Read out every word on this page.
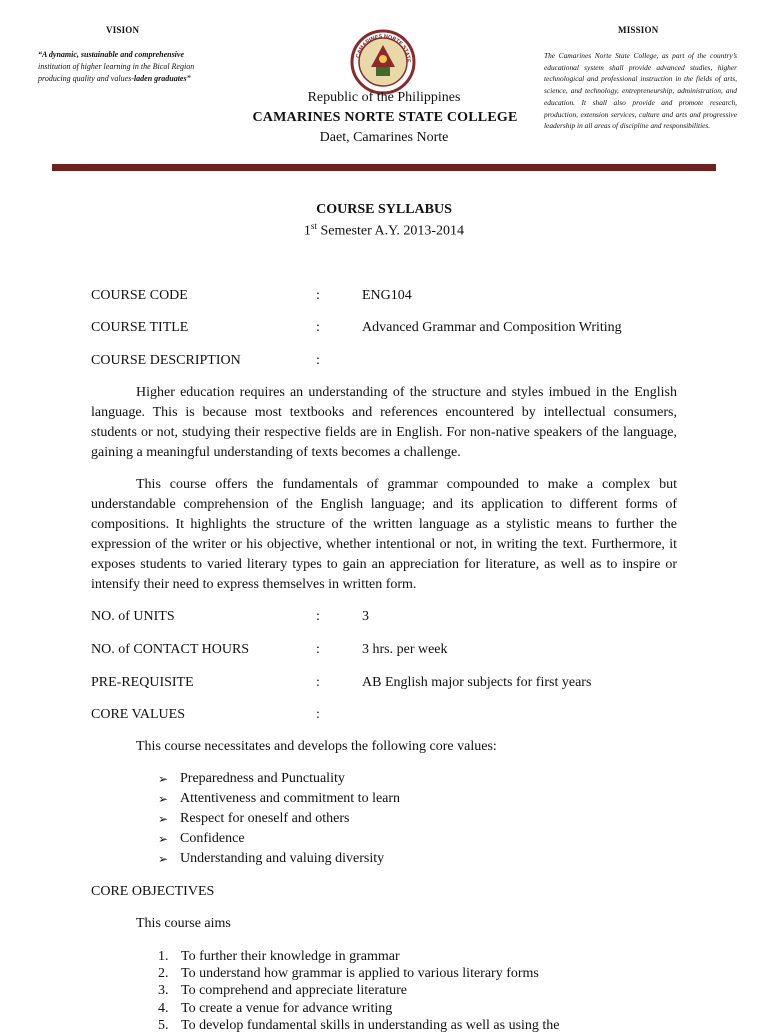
VISION
“A dynamic, sustainable and comprehensive
institution of higher learning in the Bicol Region
producing quality and values-laden graduates”
CAMARINES NORTE STATE
Republic of the Philippines
CAMARINES NORTE STATE COLLEGE
Daet, Camarines Norte
MISSION
The Camarines Norte State College, as part of the country’s educational system shall provide advanced studies, higher technological and professional instruction in the fields of arts, science, and technology, entrepreneurship, administration, and education. It shall also provide and promote research, production, extension services, culture and arts and progressive leadership in all areas of discipline and responsibilities.
COURSE SYLLABUS
1st Semester A.Y. 2013-2014
COURSE CODE	:	ENG104
COURSE TITLE	:	Advanced Grammar and Composition Writing
COURSE DESCRIPTION	:
Higher education requires an understanding of the structure and styles imbued in the English language. This is because most textbooks and references encountered by intellectual consumers, students or not, studying their respective fields are in English. For non-native speakers of the language, gaining a meaningful understanding of texts becomes a challenge.
This course offers the fundamentals of grammar compounded to make a complex but understandable comprehension of the English language; and its application to different forms of compositions. It highlights the structure of the written language as a stylistic means to further the expression of the writer or his objective, whether intentional or not, in writing the text. Furthermore, it exposes students to varied literary types to gain an appreciation for literature, as well as to inspire or intensify their need to express themselves in written form.
NO. of UNITS	:	3
NO. of CONTACT HOURS	:	3 hrs. per week
PRE-REQUISITE	:	AB English major subjects for first years
CORE VALUES	:
This course necessitates and develops the following core values:
➢ Preparedness and Punctuality
➢ Attentiveness and commitment to learn
➢ Respect for oneself and others
➢ Confidence
➢ Understanding and valuing diversity
CORE OBJECTIVES
This course aims
1. To further their knowledge in grammar
2. To understand how grammar is applied to various literary forms
3. To comprehend and appreciate literature
4. To create a venue for advance writing
5. To develop fundamental skills in understanding as well as using the
